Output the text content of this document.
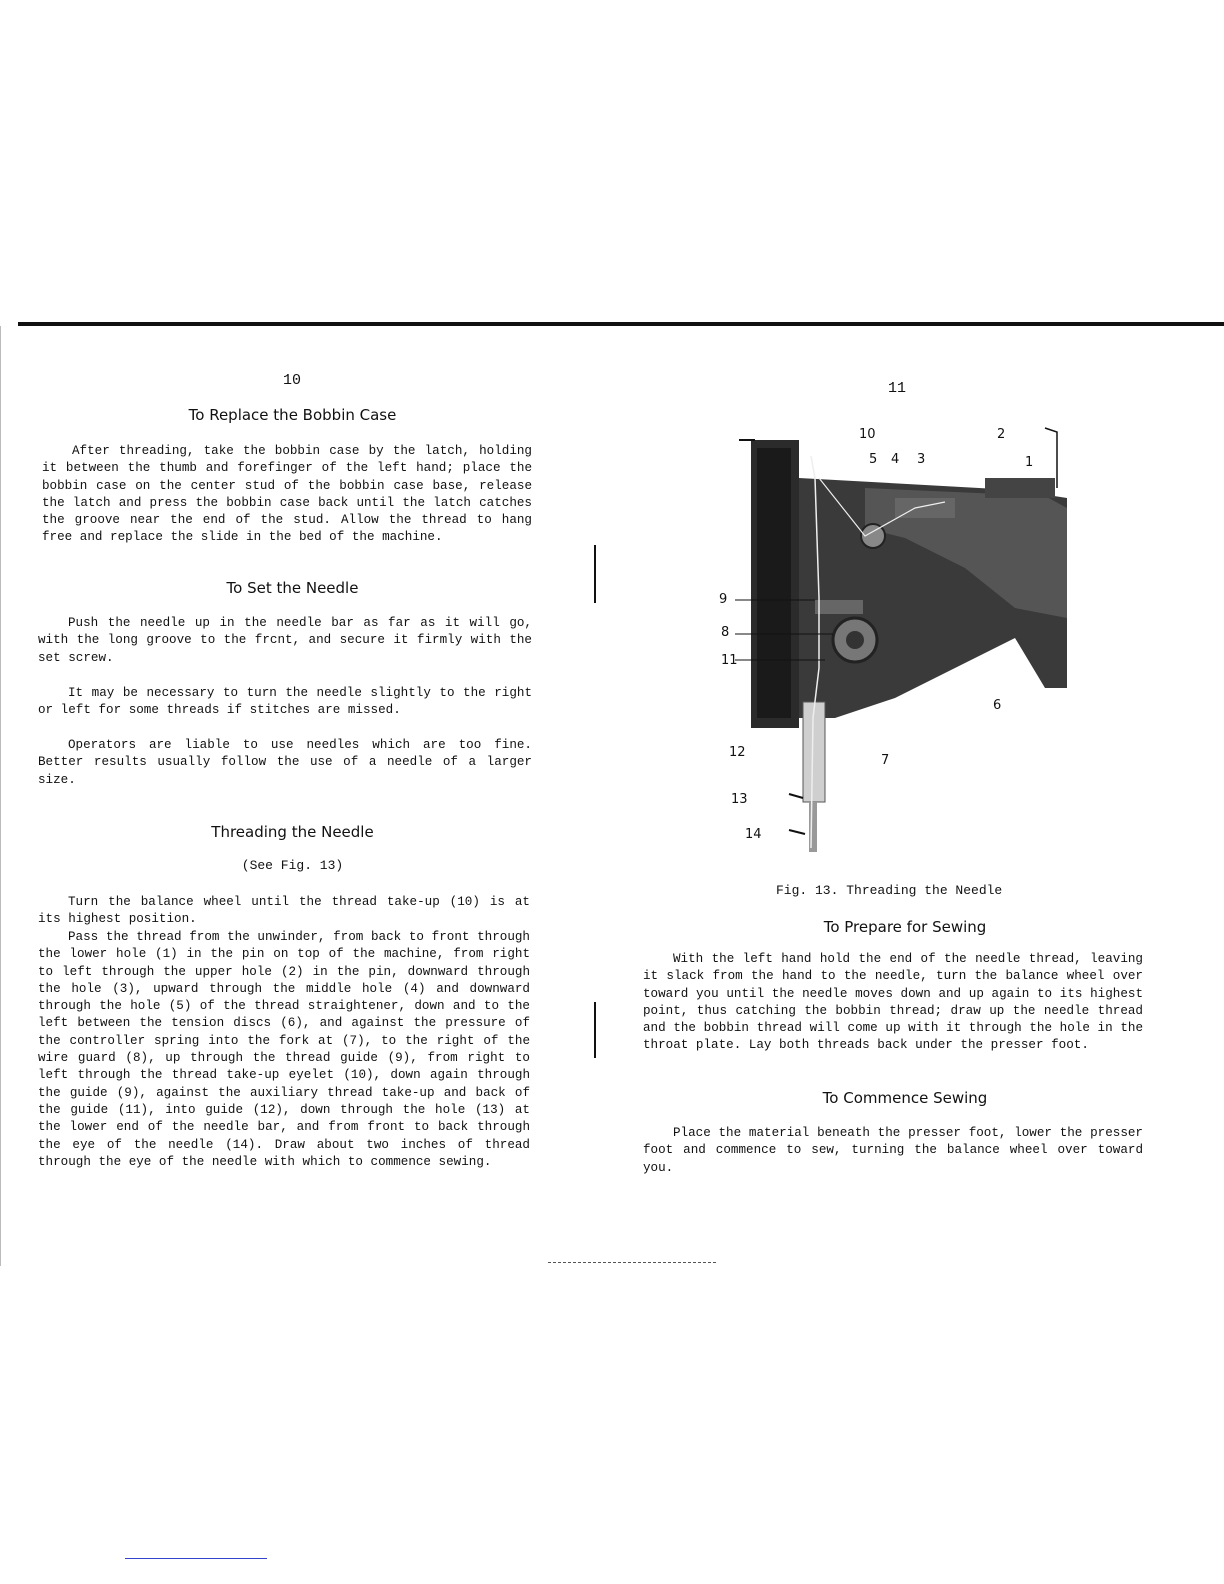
10
To Replace the Bobbin Case

After threading, take the bobbin case by the latch, holding it between the thumb and forefinger of the left hand; place the bobbin case on the center stud of the bobbin case base, release the latch and press the bobbin case back until the latch catches the groove near the end of the stud. Allow the thread to hang free and replace the slide in the bed of the machine.

To Set the Needle

Push the needle up in the needle bar as far as it will go, with the long groove to the frcnt, and secure it firmly with the set screw.

It may be necessary to turn the needle slightly to the right or left for some threads if stitches are missed.

Operators are liable to use needles which are too fine. Better results usually follow the use of a needle of a larger size.

Threading the Needle
(See Fig. 13)

Turn the balance wheel until the thread take-up (10) is at its highest position.

Pass the thread from the unwinder, from back to front through the lower hole (1) in the pin on top of the machine, from right to left through the upper hole (2) in the pin, downward through the hole (3), upward through the middle hole (4) and downward through the hole (5) of the thread straightener, down and to the left between the tension discs (6), and against the pressure of the controller spring into the fork at (7), to the right of the wire guard (8), up through the thread guide (9), from right to left through the thread take-up eyelet (10), down again through the guide (9), against the auxiliary thread take-up and back of the guide (11), into guide (12), down through the hole (13) at the lower end of the needle bar, and from front to back through the eye of the needle (14). Draw about two inches of thread through the eye of the needle with which to commence sewing.

11
10
5 4 3
2
1
9
8
11
6
12
7
13
14
Fig. 13. Threading the Needle
To Prepare for Sewing

With the left hand hold the end of the needle thread, leaving it slack from the hand to the needle, turn the balance wheel over toward you until the needle moves down and up again to its highest point, thus catching the bobbin thread; draw up the needle thread and the bobbin thread will come up with it through the hole in the throat plate. Lay both threads back under the presser foot.

To Commence Sewing

Place the material beneath the presser foot, lower the presser foot and commence to sew, turning the balance wheel over toward you.
